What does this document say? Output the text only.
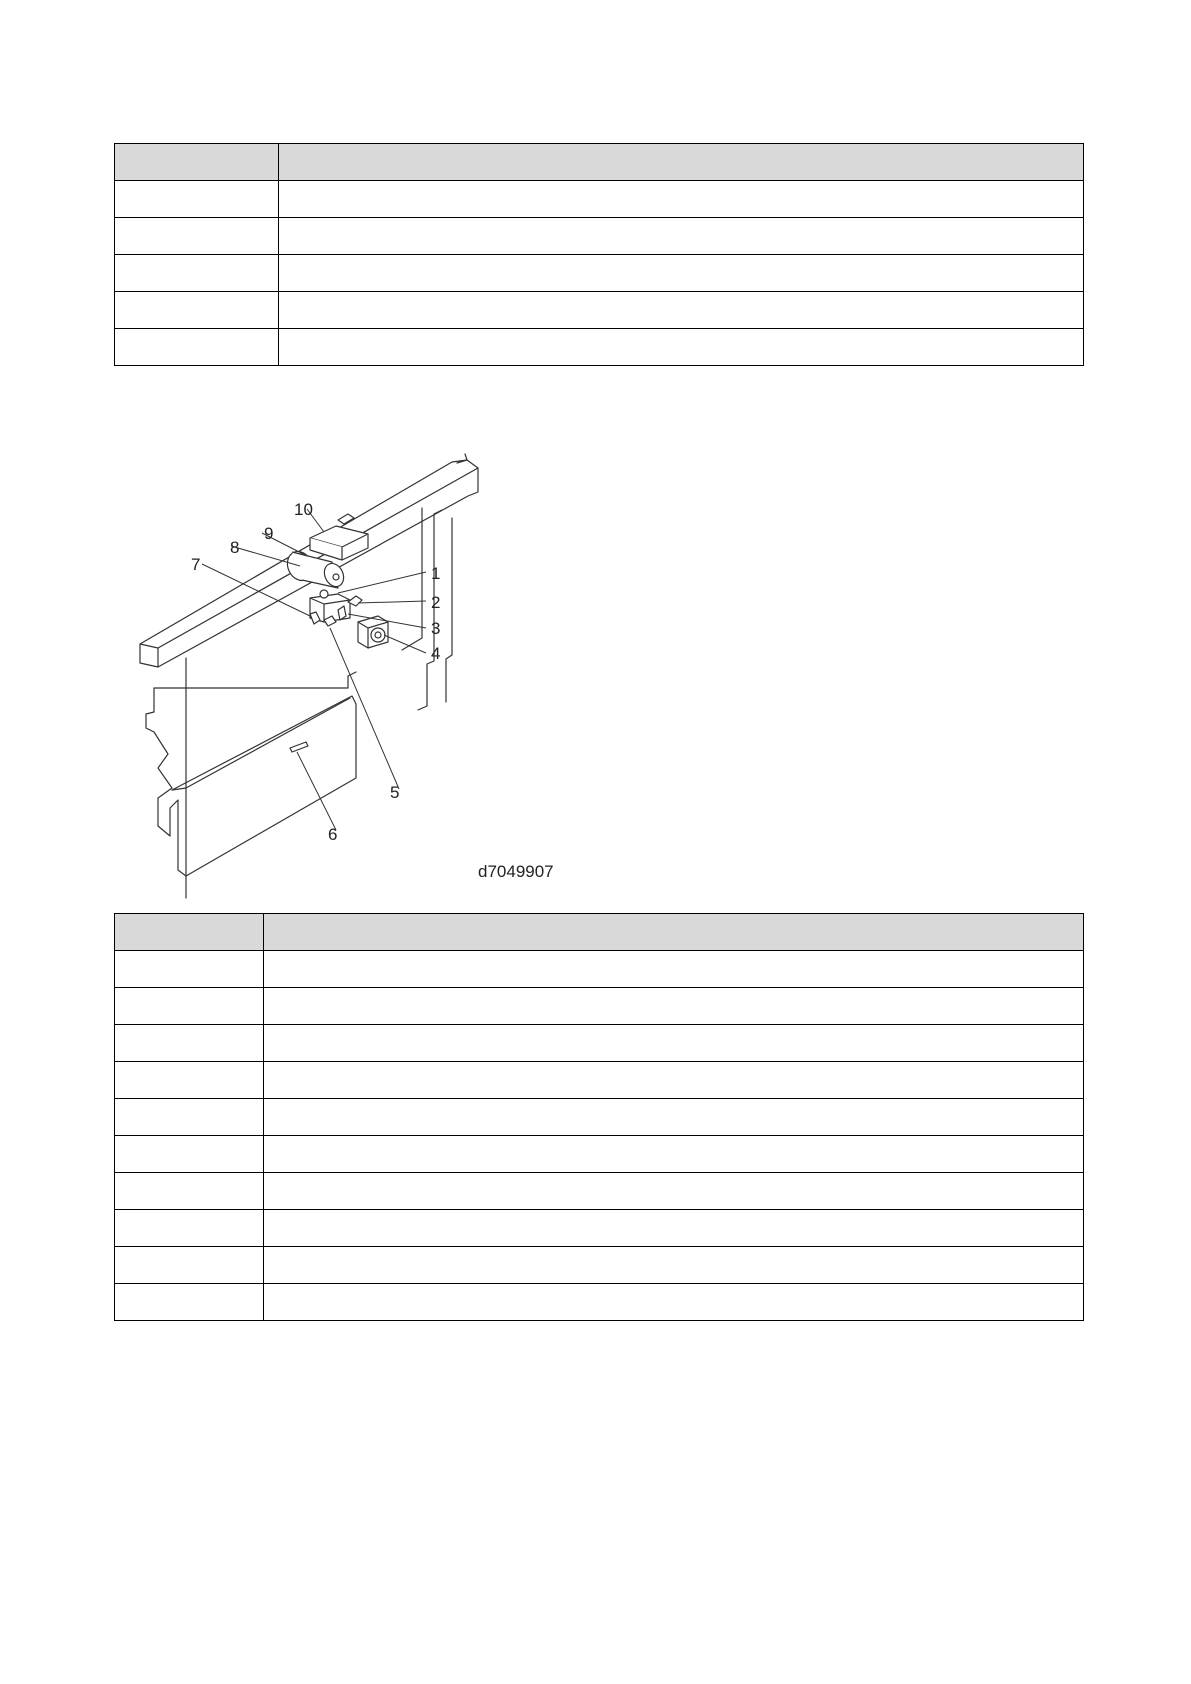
1
2
3
4
5
6
7
8
9
10
d7049907
